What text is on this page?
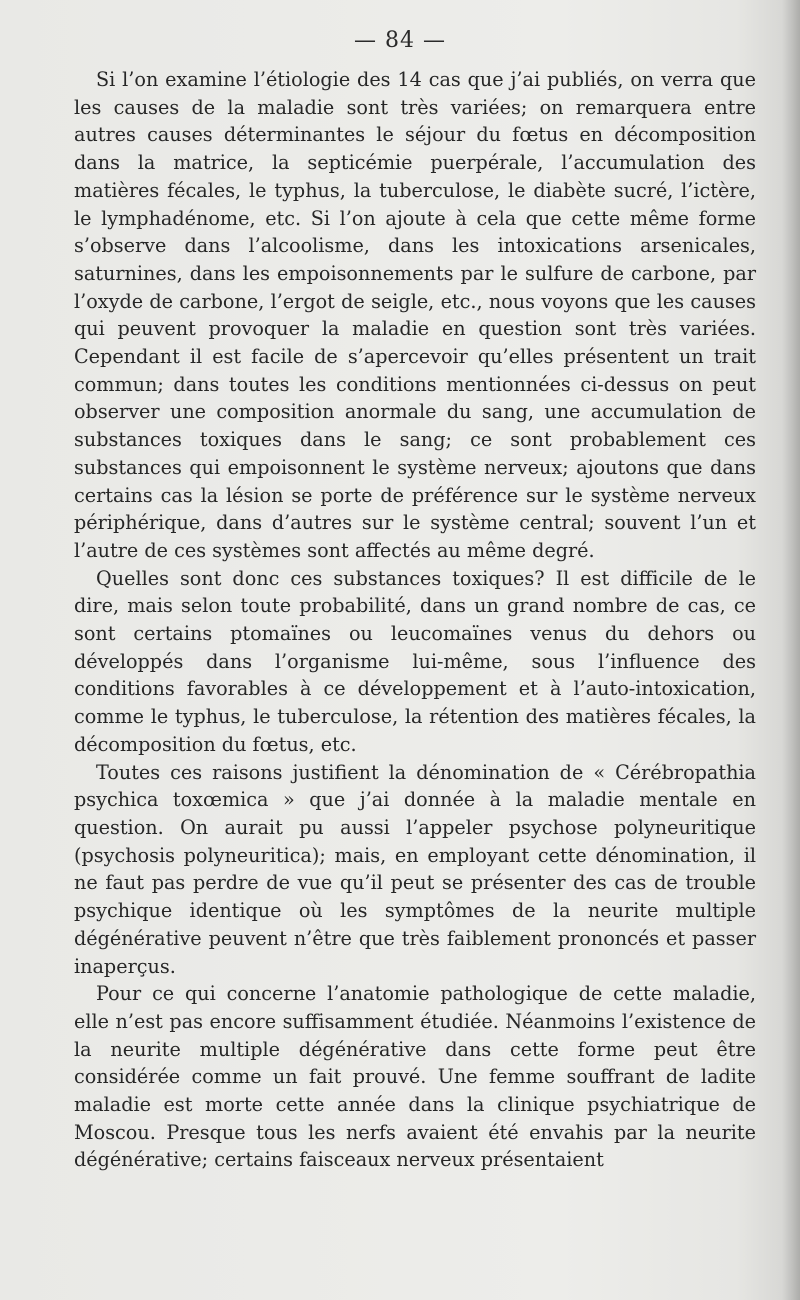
— 84 —

Si l’on examine l’étiologie des 14 cas que j’ai publiés, on verra que les causes de la maladie sont très variées; on remarquera entre autres causes déterminantes le séjour du fœtus en décomposition dans la matrice, la septicémie puerpérale, l’accumulation des matières fécales, le typhus, la tuberculose, le diabète sucré, l’ictère, le lymphadénome, etc. Si l’on ajoute à cela que cette même forme s’observe dans l’alcoolisme, dans les intoxications arsenicales, saturnines, dans les empoisonnements par le sulfure de carbone, par l’oxyde de carbone, l’ergot de seigle, etc., nous voyons que les causes qui peuvent provoquer la maladie en question sont très variées. Cependant il est facile de s’apercevoir qu’elles présentent un trait commun; dans toutes les conditions mentionnées ci-dessus on peut observer une composition anormale du sang, une accumulation de substances toxiques dans le sang; ce sont probablement ces substances qui empoisonnent le système nerveux; ajoutons que dans certains cas la lésion se porte de préférence sur le système nerveux périphérique, dans d’autres sur le système central; souvent l’un et l’autre de ces systèmes sont affectés au même degré.

Quelles sont donc ces substances toxiques? Il est difficile de le dire, mais selon toute probabilité, dans un grand nombre de cas, ce sont certains ptomaïnes ou leucomaïnes venus du dehors ou développés dans l’organisme lui-même, sous l’influence des conditions favorables à ce développement et à l’auto-intoxication, comme le typhus, le tuberculose, la rétention des matières fécales, la décomposition du fœtus, etc.

Toutes ces raisons justifient la dénomination de « Cérébropathia psychica toxœmica » que j’ai donnée à la maladie mentale en question. On aurait pu aussi l’appeler psychose polyneuritique (psychosis polyneuritica); mais, en employant cette dénomination, il ne faut pas perdre de vue qu’il peut se présenter des cas de trouble psychique identique où les symptômes de la neurite multiple dégénérative peuvent n’être que très faiblement prononcés et passer inaperçus.

Pour ce qui concerne l’anatomie pathologique de cette maladie, elle n’est pas encore suffisamment étudiée. Néanmoins l’existence de la neurite multiple dégénérative dans cette forme peut être considérée comme un fait prouvé. Une femme souffrant de ladite maladie est morte cette année dans la clinique psychiatrique de Moscou. Presque tous les nerfs avaient été envahis par la neurite dégénérative; certains faisceaux nerveux présentaient
